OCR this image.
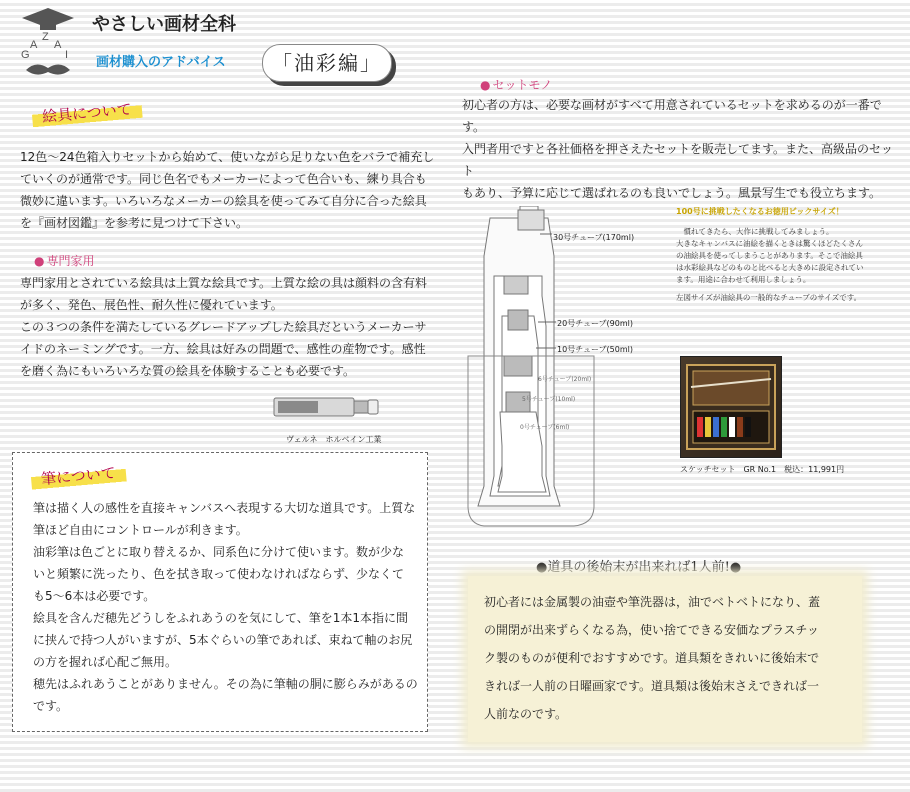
G
A
Z
A
I
やさしい画材全科
画材購入のアドバイス	「油彩編」
絵具について
12色～24色箱入りセットから始めて、使いながら足りない色をバラで補充し
ていくのが通常です。同じ色名でもメーカーによって色合いも、練り具合も
微妙に違います。いろいろなメーカーの絵具を使ってみて自分に合った絵具
を『画材図鑑』を参考に見つけて下さい。
● 専門家用
専門家用とされている絵具は上質な絵具です。上質な絵の具は顔料の含有料
が多く、発色、展色性、耐久性に優れています。
この３つの条件を満たしているグレードアップした絵具だというメーカーサ
イドのネーミングです。一方、絵具は好みの問題で、感性の産物です。感性
を磨く為にもいろいろな質の絵具を体験することも必要です。
ヴェルネ　ホルベイン工業
筆について
筆は描く人の感性を直接キャンバスへ表現する大切な道具です。上質な
筆ほど自由にコントロールが利きます。
油彩筆は色ごとに取り替えるか、同系色に分けて使います。数が少な
いと頻繁に洗ったり、色を拭き取って使わなければならず、少なくて
も5～6本は必要です。
絵具を含んだ穂先どうしをふれあうのを気にして、筆を1本1本指に間
に挟んで持つ人がいますが、5本ぐらいの筆であれば、束ねて軸のお尻
の方を握れば心配ご無用。
穂先はふれあうことがありません。その為に筆軸の胴に膨らみがあるの
です。
● セットモノ
初心者の方は、必要な画材がすべて用意されているセットを求めるのが一番です。
入門者用ですと各社価格を押さえたセットを販売してます。また、高級品のセット
もあり、予算に応じて選ばれるのも良いでしょう。風景写生でも役立ちます。
30号チューブ(170ml)
20号チューブ(90ml)
10号チューブ(50ml)
6号チューブ(20ml)
5号チューブ(10ml)
0号チューブ(6ml)
100号に挑戦したくなるお徳用ビックサイズ！
　慣れてきたら、大作に挑戦してみましょう。
大きなキャンバスに油絵を描くときは驚くほどたくさん
の油絵具を使ってしまうことがあります。そこで油絵具
は水彩絵具などのものと比べると大きめに設定されてい
ます。用途に合わせて利用しましょう。
左図サイズが油絵具の一般的なチューブのサイズです。
スケッチセット　GR No.1　税込：11,991円
●道具の後始末が出来れば1人前!●
初心者には金属製の油壺や筆洗器は，油でベトベトになり、蓋
の開閉が出来ずらくなる為，使い捨てできる安価なプラスチッ
ク製のものが便利でおすすめです。道具類をきれいに後始末で
きれば一人前の日曜画家です。道具類は後始末さえできれば一
人前なのです。
